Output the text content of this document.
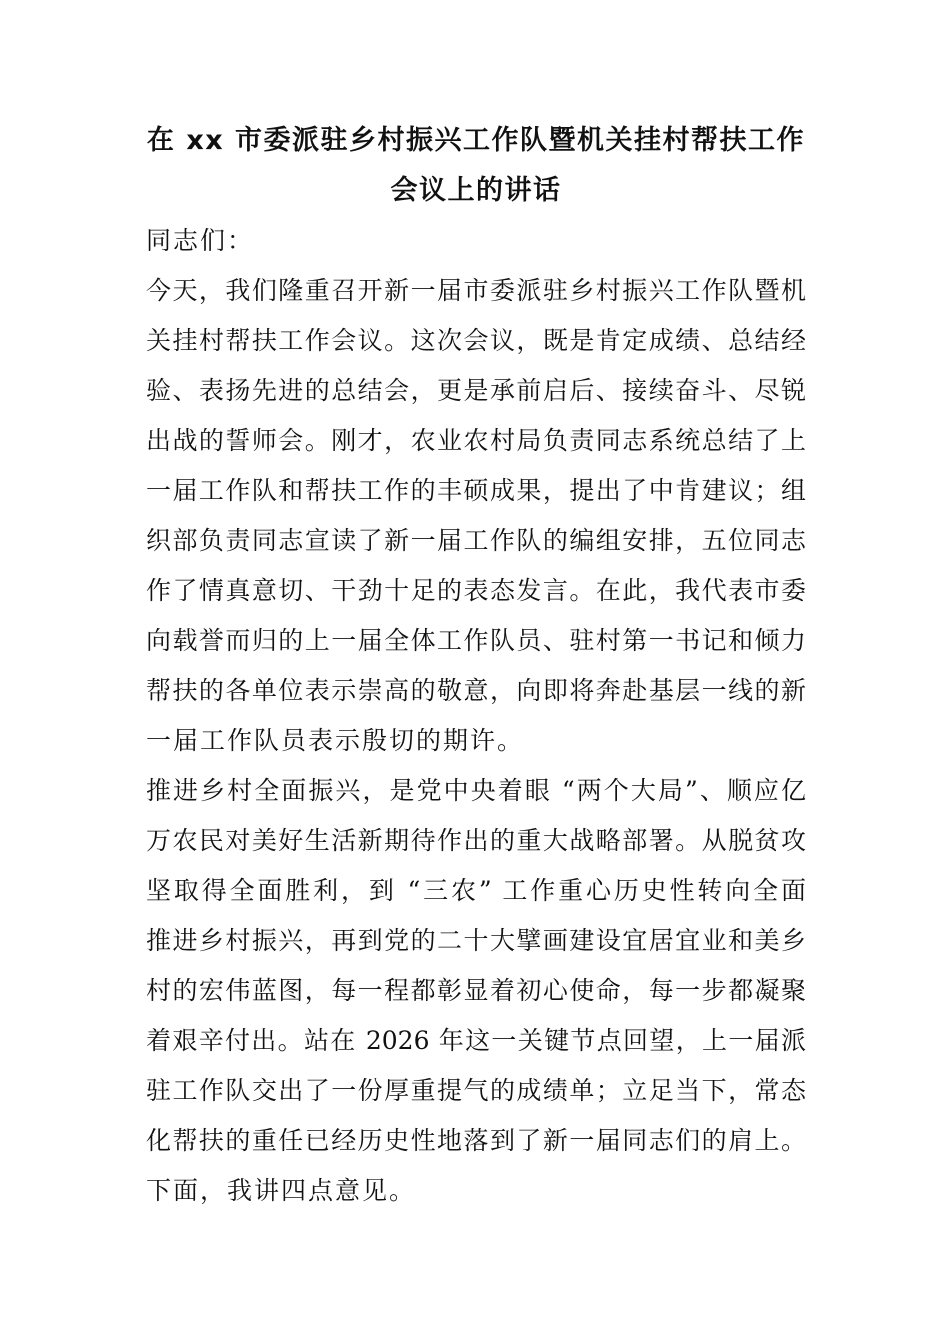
在 xx 市委派驻乡村振兴工作队暨机关挂村帮扶工作
会议上的讲话
同志们：
今天，我们隆重召开新一届市委派驻乡村振兴工作队暨机
关挂村帮扶工作会议。这次会议，既是肯定成绩、总结经
验、表扬先进的总结会，更是承前启后、接续奋斗、尽锐
出战的誓师会。刚才，农业农村局负责同志系统总结了上
一届工作队和帮扶工作的丰硕成果，提出了中肯建议；组
织部负责同志宣读了新一届工作队的编组安排，五位同志
作了情真意切、干劲十足的表态发言。在此，我代表市委
向载誉而归的上一届全体工作队员、驻村第一书记和倾力
帮扶的各单位表示崇高的敬意，向即将奔赴基层一线的新
一届工作队员表示殷切的期许。
推进乡村全面振兴，是党中央着眼 “两个大局”、顺应亿
万农民对美好生活新期待作出的重大战略部署。从脱贫攻
坚取得全面胜利，到 “三农” 工作重心历史性转向全面
推进乡村振兴，再到党的二十大擘画建设宜居宜业和美乡
村的宏伟蓝图，每一程都彰显着初心使命，每一步都凝聚
着艰辛付出。站在 2026 年这一关键节点回望，上一届派
驻工作队交出了一份厚重提气的成绩单；立足当下，常态
化帮扶的重任已经历史性地落到了新一届同志们的肩上。
下面，我讲四点意见。
